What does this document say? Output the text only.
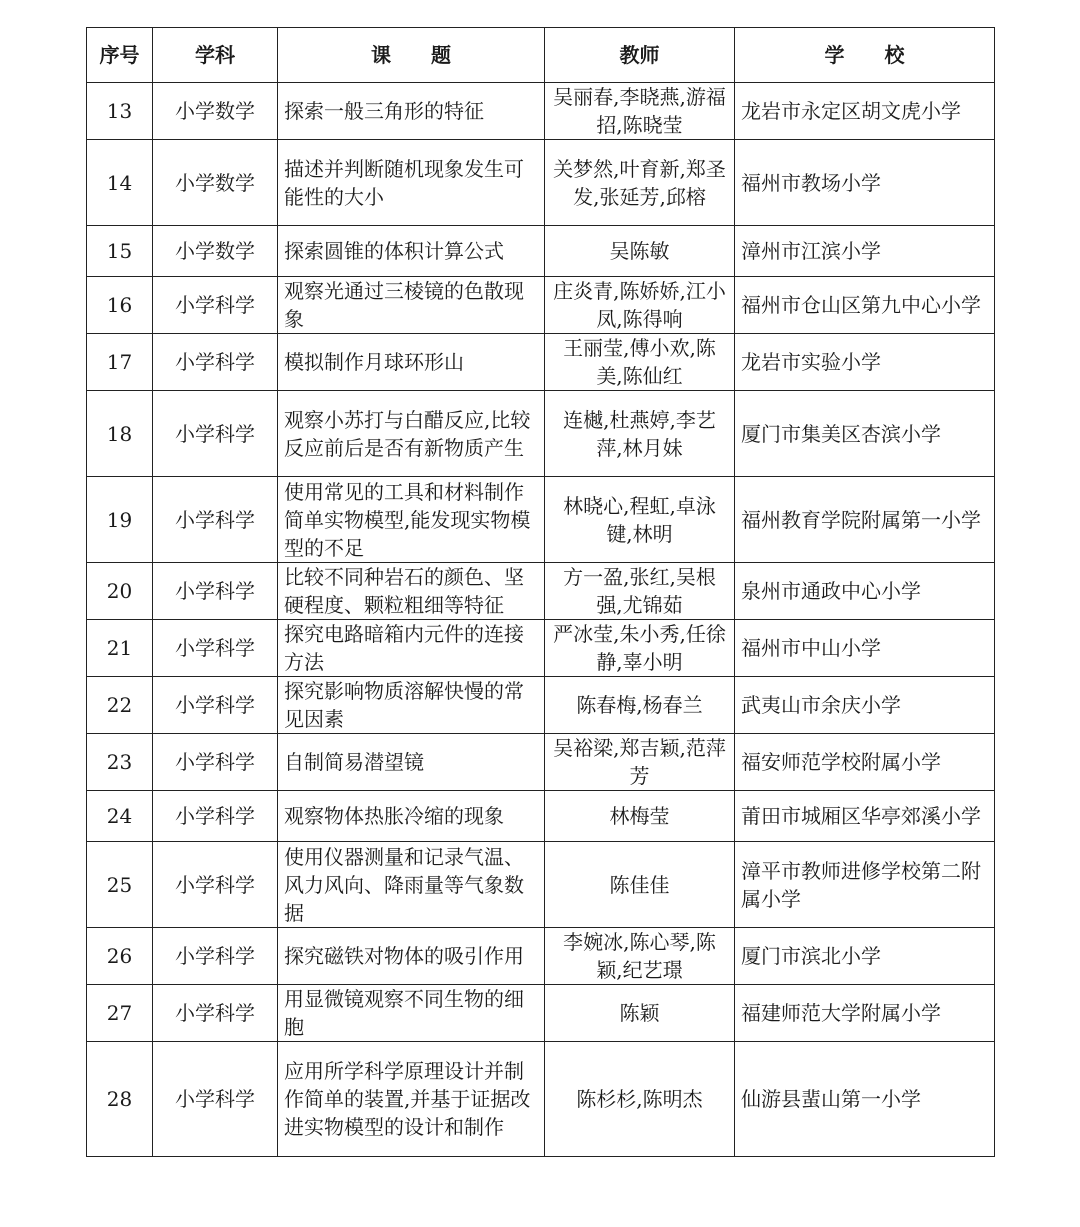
序号	学科	课　　题	教师	学　　校
13	小学数学	探索一般三角形的特征	吴丽春,李晓燕,游福招,陈晓莹	龙岩市永定区胡文虎小学
14	小学数学	描述并判断随机现象发生可能性的大小	关梦然,叶育新,郑圣发,张延芳,邱榕	福州市教场小学
15	小学数学	探索圆锥的体积计算公式	吴陈敏	漳州市江滨小学
16	小学科学	观察光通过三棱镜的色散现象	庄炎青,陈娇娇,江小凤,陈得响	福州市仓山区第九中心小学
17	小学科学	模拟制作月球环形山	王丽莹,傅小欢,陈美,陈仙红	龙岩市实验小学
18	小学科学	观察小苏打与白醋反应,比较反应前后是否有新物质产生	连樾,杜燕婷,李艺萍,林月妹	厦门市集美区杏滨小学
19	小学科学	使用常见的工具和材料制作简单实物模型,能发现实物模型的不足	林晓心,程虹,卓泳键,林明	福州教育学院附属第一小学
20	小学科学	比较不同种岩石的颜色、坚硬程度、颗粒粗细等特征	方一盈,张红,吴根强,尤锦茹	泉州市通政中心小学
21	小学科学	探究电路暗箱内元件的连接方法	严冰莹,朱小秀,任徐静,辜小明	福州市中山小学
22	小学科学	探究影响物质溶解快慢的常见因素	陈春梅,杨春兰	武夷山市余庆小学
23	小学科学	自制简易潜望镜	吴裕梁,郑吉颖,范萍芳	福安师范学校附属小学
24	小学科学	观察物体热胀冷缩的现象	林梅莹	莆田市城厢区华亭郊溪小学
25	小学科学	使用仪器测量和记录气温、风力风向、降雨量等气象数据	陈佳佳	漳平市教师进修学校第二附属小学
26	小学科学	探究磁铁对物体的吸引作用	李婉冰,陈心琴,陈颖,纪艺璟	厦门市滨北小学
27	小学科学	用显微镜观察不同生物的细胞	陈颖	福建师范大学附属小学
28	小学科学	应用所学科学原理设计并制作简单的装置,并基于证据改进实物模型的设计和制作	陈杉杉,陈明杰	仙游县蜚山第一小学
